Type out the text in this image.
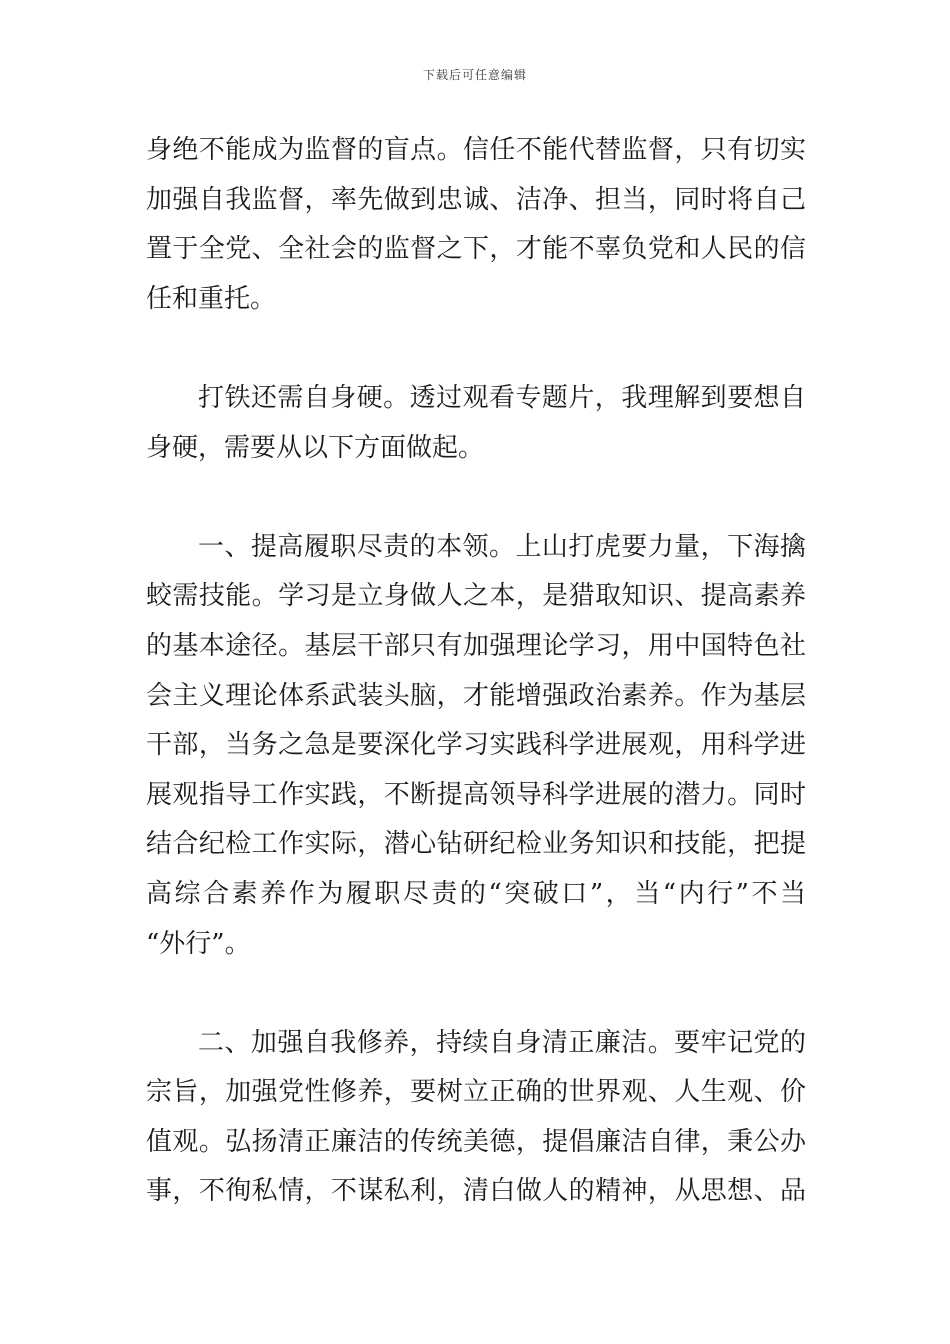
下载后可任意编辑
身绝不能成为监督的盲点。信任不能代替监督，只有切实
加强自我监督，率先做到忠诚、洁净、担当，同时将自己
置于全党、全社会的监督之下，才能不辜负党和人民的信
任和重托。
打铁还需自身硬。透过观看专题片，我理解到要想自
身硬，需要从以下方面做起。
一、提高履职尽责的本领。上山打虎要力量，下海擒
蛟需技能。学习是立身做人之本，是猎取知识、提高素养
的基本途径。基层干部只有加强理论学习，用中国特色社
会主义理论体系武装头脑，才能增强政治素养。作为基层
干部，当务之急是要深化学习实践科学进展观，用科学进
展观指导工作实践，不断提高领导科学进展的潜力。同时
结合纪检工作实际，潜心钻研纪检业务知识和技能，把提
高综合素养作为履职尽责的“突破口”，当“内行”不当
“外行”。
二、加强自我修养，持续自身清正廉洁。要牢记党的
宗旨，加强党性修养，要树立正确的世界观、人生观、价
值观。弘扬清正廉洁的传统美德，提倡廉洁自律，秉公办
事，不徇私情，不谋私利，清白做人的精神，从思想、品
